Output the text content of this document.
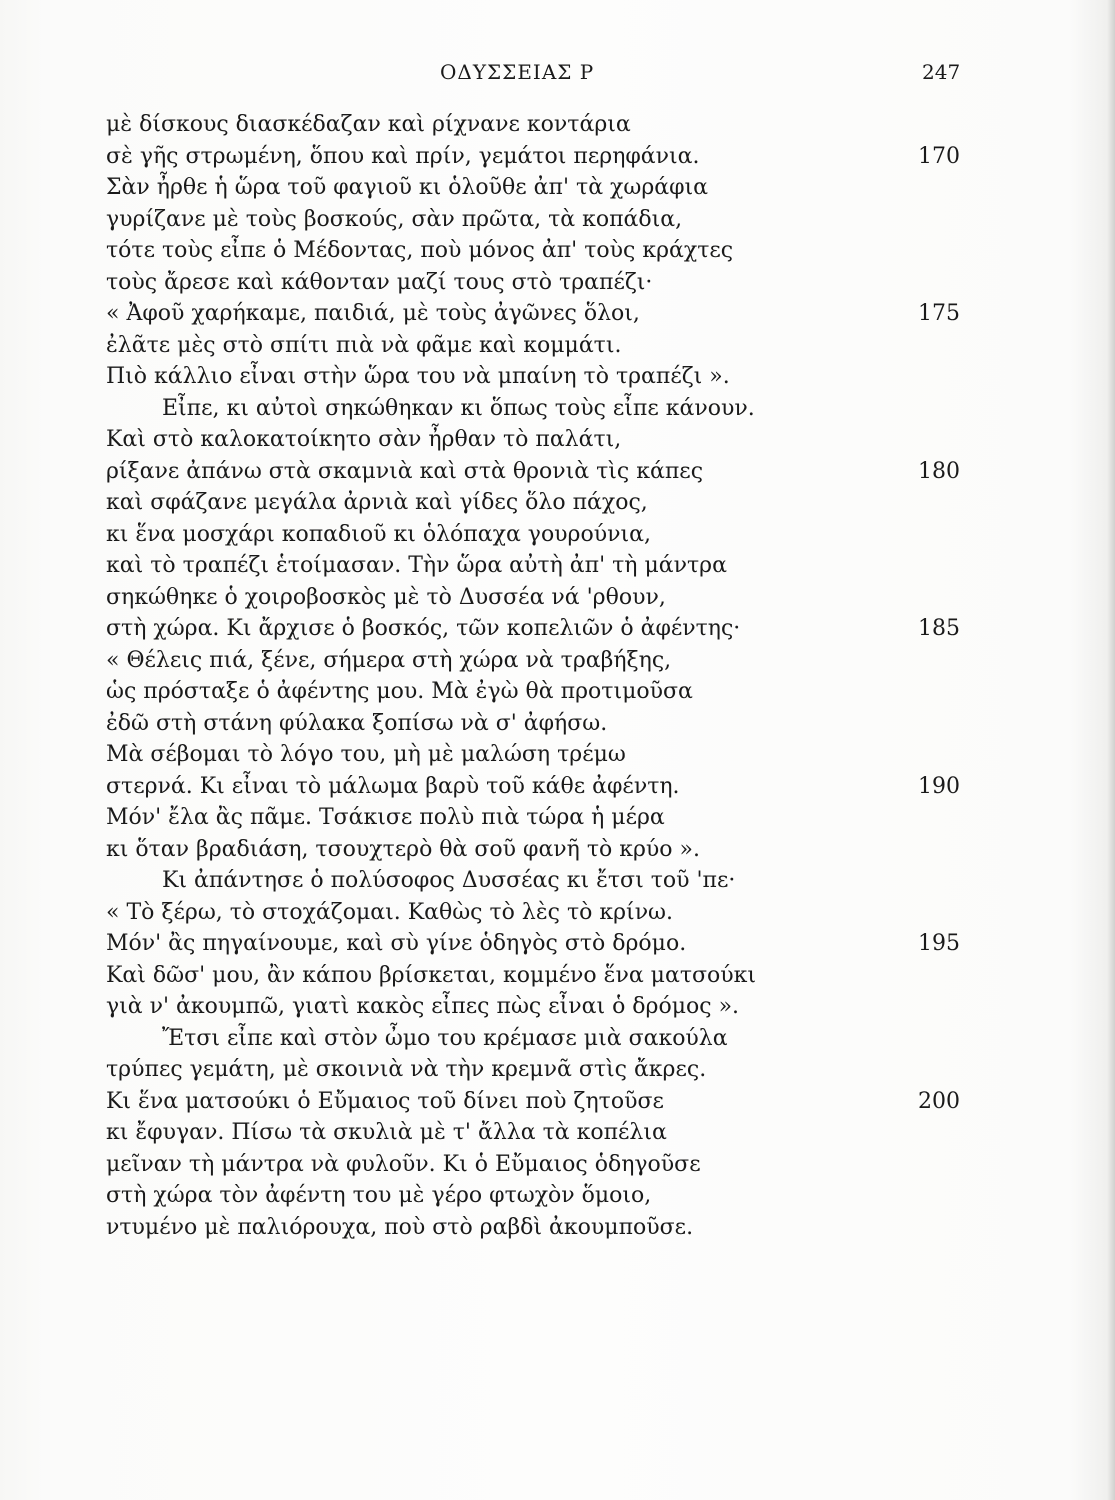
ΟΔΥΣΣΕΙΑΣ Ρ	247
μὲ δίσκους διασκέδαζαν καὶ ρίχνανε κοντάρια
σὲ γῆς στρωμένη, ὅπου καὶ πρίν, γεμάτοι περηφάνια.	170
Σὰν ἦρθε ἡ ὥρα τοῦ φαγιοῦ κι ὁλοῦθε ἀπ' τὰ χωράφια
γυρίζανε μὲ τοὺς βοσκούς, σὰν πρῶτα, τὰ κοπάδια,
τότε τοὺς εἶπε ὁ Μέδοντας, ποὺ μόνος ἀπ' τοὺς κράχτες
τοὺς ἄρεσε καὶ κάθονταν μαζί τους στὸ τραπέζι·
« Ἀφοῦ χαρήκαμε, παιδιά, μὲ τοὺς ἀγῶνες ὅλοι,	175
ἐλᾶτε μὲς στὸ σπίτι πιὰ νὰ φᾶμε καὶ κομμάτι.
Πιὸ κάλλιο εἶναι στὴν ὥρα του νὰ μπαίνη τὸ τραπέζι ».
Εἶπε, κι αὐτοὶ σηκώθηκαν κι ὅπως τοὺς εἶπε κάνουν.
Καὶ στὸ καλοκατοίκητο σὰν ἦρθαν τὸ παλάτι,
ρίξανε ἀπάνω στὰ σκαμνιὰ καὶ στὰ θρονιὰ τὶς κάπες	180
καὶ σφάζανε μεγάλα ἀρνιὰ καὶ γίδες ὅλο πάχος,
κι ἕνα μοσχάρι κοπαδιοῦ κι ὁλόπαχα γουρούνια,
καὶ τὸ τραπέζι ἑτοίμασαν. Τὴν ὥρα αὐτὴ ἀπ' τὴ μάντρα
σηκώθηκε ὁ χοιροβοσκὸς μὲ τὸ Δυσσέα νά 'ρθουν,
στὴ χώρα. Κι ἄρχισε ὁ βοσκός, τῶν κοπελιῶν ὁ ἀφέντης·	185
« Θέλεις πιά, ξένε, σήμερα στὴ χώρα νὰ τραβήξης,
ὡς πρόσταξε ὁ ἀφέντης μου. Μὰ ἐγὼ θὰ προτιμοῦσα
ἐδῶ στὴ στάνη φύλακα ξοπίσω νὰ σ' ἀφήσω.
Μὰ σέβομαι τὸ λόγο του, μὴ μὲ μαλώση τρέμω
στερνά. Κι εἶναι τὸ μάλωμα βαρὺ τοῦ κάθε ἀφέντη.	190
Μόν' ἔλα ἂς πᾶμε. Τσάκισε πολὺ πιὰ τώρα ἡ μέρα
κι ὅταν βραδιάση, τσουχτερὸ θὰ σοῦ φανῆ τὸ κρύο ».
Κι ἀπάντησε ὁ πολύσοφος Δυσσέας κι ἔτσι τοῦ 'πε·
« Τὸ ξέρω, τὸ στοχάζομαι. Καθὼς τὸ λὲς τὸ κρίνω.
Μόν' ἂς πηγαίνουμε, καὶ σὺ γίνε ὁδηγὸς στὸ δρόμο.	195
Καὶ δῶσ' μου, ἂν κάπου βρίσκεται, κομμένο ἕνα ματσούκι
γιὰ ν' ἀκουμπῶ, γιατὶ κακὸς εἶπες πὼς εἶναι ὁ δρόμος ».
Ἔτσι εἶπε καὶ στὸν ὦμο του κρέμασε μιὰ σακούλα
τρύπες γεμάτη, μὲ σκοινιὰ νὰ τὴν κρεμνᾶ στὶς ἄκρες.
Κι ἕνα ματσούκι ὁ Εὔμαιος τοῦ δίνει ποὺ ζητοῦσε	200
κι ἔφυγαν. Πίσω τὰ σκυλιὰ μὲ τ' ἄλλα τὰ κοπέλια
μεῖναν τὴ μάντρα νὰ φυλοῦν. Κι ὁ Εὔμαιος ὁδηγοῦσε
στὴ χώρα τὸν ἀφέντη του μὲ γέρο φτωχὸν ὅμοιο,
ντυμένο μὲ παλιόρουχα, ποὺ στὸ ραβδὶ ἀκουμποῦσε.
